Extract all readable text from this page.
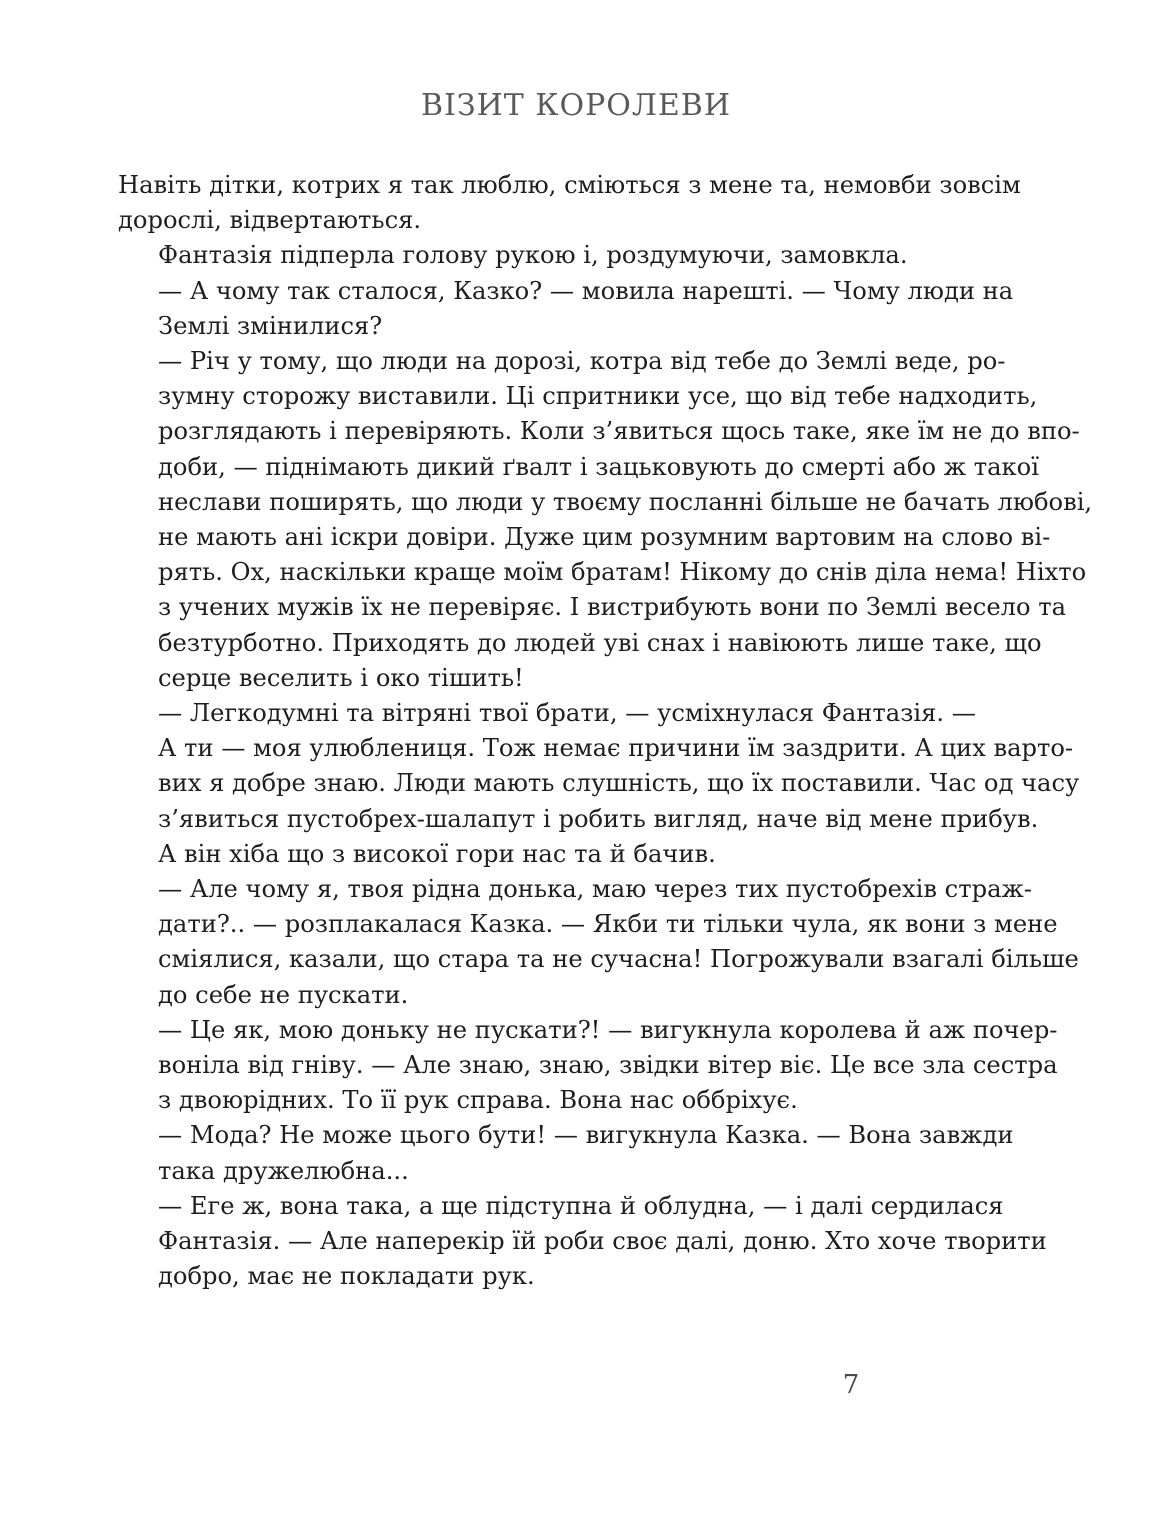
ВІЗИТ КОРОЛЕВИ

Навіть дітки, котрих я так люблю, сміються з мене та, немовби зовсім
дорослі, відвертаються.

Фантазія підперла голову рукою і, роздумуючи, замовкла.

— А чому так сталося, Казко? — мовила нарешті. — Чому люди на
Землі змінилися?

— Річ у тому, що люди на дорозі, котра від тебе до Землі веде, ро-
зумну сторожу виставили. Ці спритники усе, що від тебе надходить,
розглядають і перевіряють. Коли з’явиться щось таке, яке їм не до впо-
доби, — піднімають дикий ґвалт і зацьковують до смерті або ж такої
неслави поширять, що люди у твоєму посланні більше не бачать любові,
не мають ані іскри довіри. Дуже цим розумним вартовим на слово ві-
рять. Ох, наскільки краще моїм братам! Нікому до снів діла нема! Ніхто
з учених мужів їх не перевіряє. І вистрибують вони по Землі весело та
безтурботно. Приходять до людей уві снах і навіюють лише таке, що
серце веселить і око тішить!

— Легкодумні та вітряні твої брати, — усміхнулася Фантазія. —
А ти — моя улюблениця. Тож немає причини їм заздрити. А цих варто-
вих я добре знаю. Люди мають слушність, що їх поставили. Час од часу
з’явиться пустобрех-шалапут і робить вигляд, наче від мене прибув.
А він хіба що з високої гори нас та й бачив.

— Але чому я, твоя рідна донька, маю через тих пустобрехів страж-
дати?.. — розплакалася Казка. — Якби ти тільки чула, як вони з мене
сміялися, казали, що стара та не сучасна! Погрожували взагалі більше
до себе не пускати.

— Це як, мою доньку не пускати?! — вигукнула королева й аж почер-
воніла від гніву. — Але знаю, знаю, звідки вітер віє. Це все зла сестра
з двоюрідних. То її рук справа. Вона нас оббріхує.

— Мода? Не може цього бути! — вигукнула Казка. — Вона завжди
така дружелюбна...

— Еге ж, вона така, а ще підступна й облудна, — і далі сердилася
Фантазія. — Але наперекір їй роби своє далі, доню. Хто хоче творити
добро, має не покладати рук.

7
